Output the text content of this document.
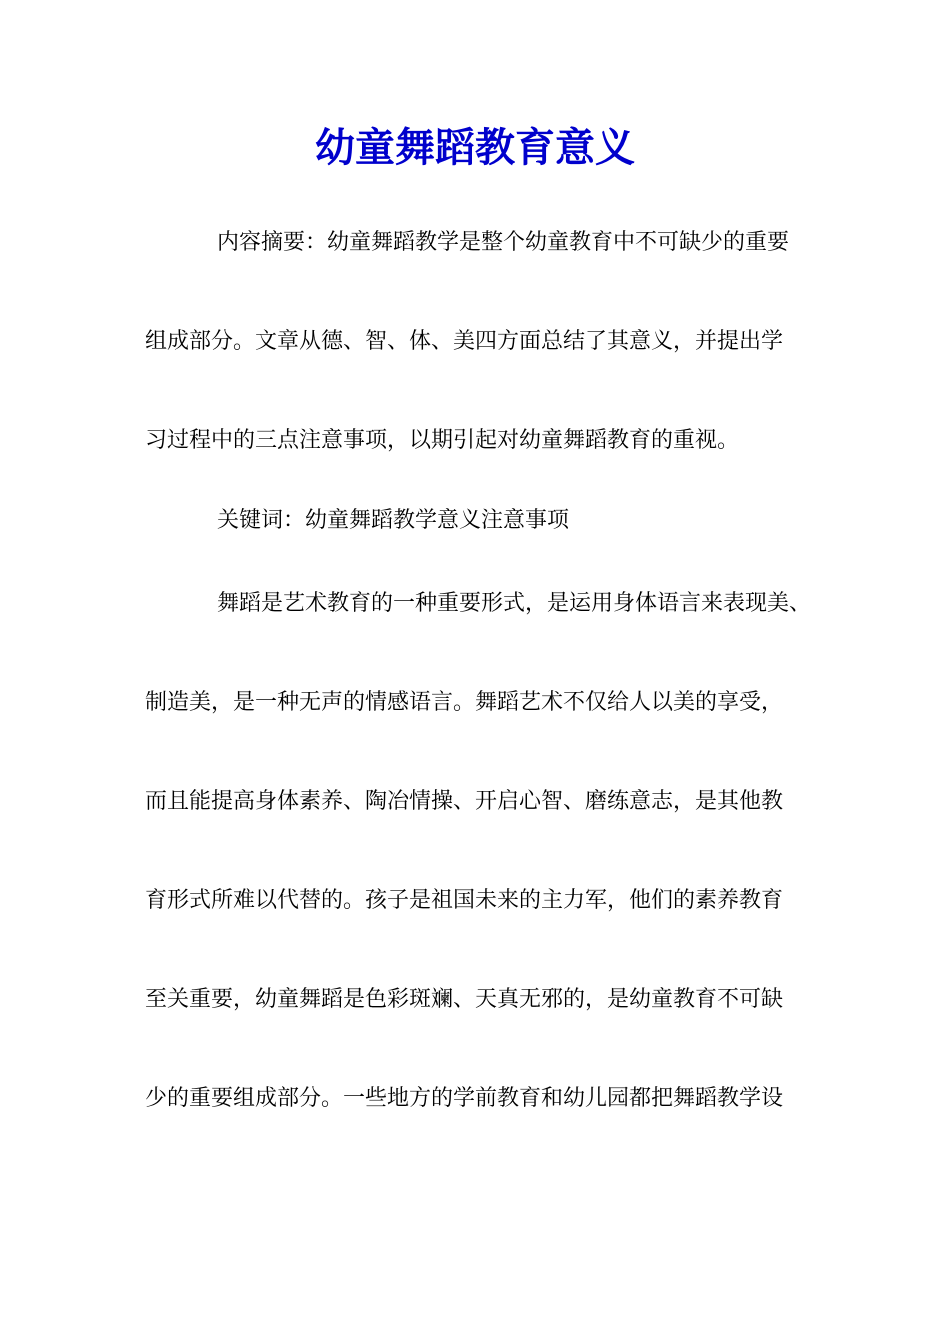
幼童舞蹈教育意义
内容摘要：幼童舞蹈教学是整个幼童教育中不可缺少的重要
组成部分。文章从德、智、体、美四方面总结了其意义，并提出学
习过程中的三点注意事项，以期引起对幼童舞蹈教育的重视。
关键词：幼童舞蹈教学意义注意事项
舞蹈是艺术教育的一种重要形式，是运用身体语言来表现美、
制造美，是一种无声的情感语言。舞蹈艺术不仅给人以美的享受，
而且能提高身体素养、陶冶情操、开启心智、磨练意志，是其他教
育形式所难以代替的。孩子是祖国未来的主力军，他们的素养教育
至关重要，幼童舞蹈是色彩斑斓、天真无邪的，是幼童教育不可缺
少的重要组成部分。一些地方的学前教育和幼儿园都把舞蹈教学设
